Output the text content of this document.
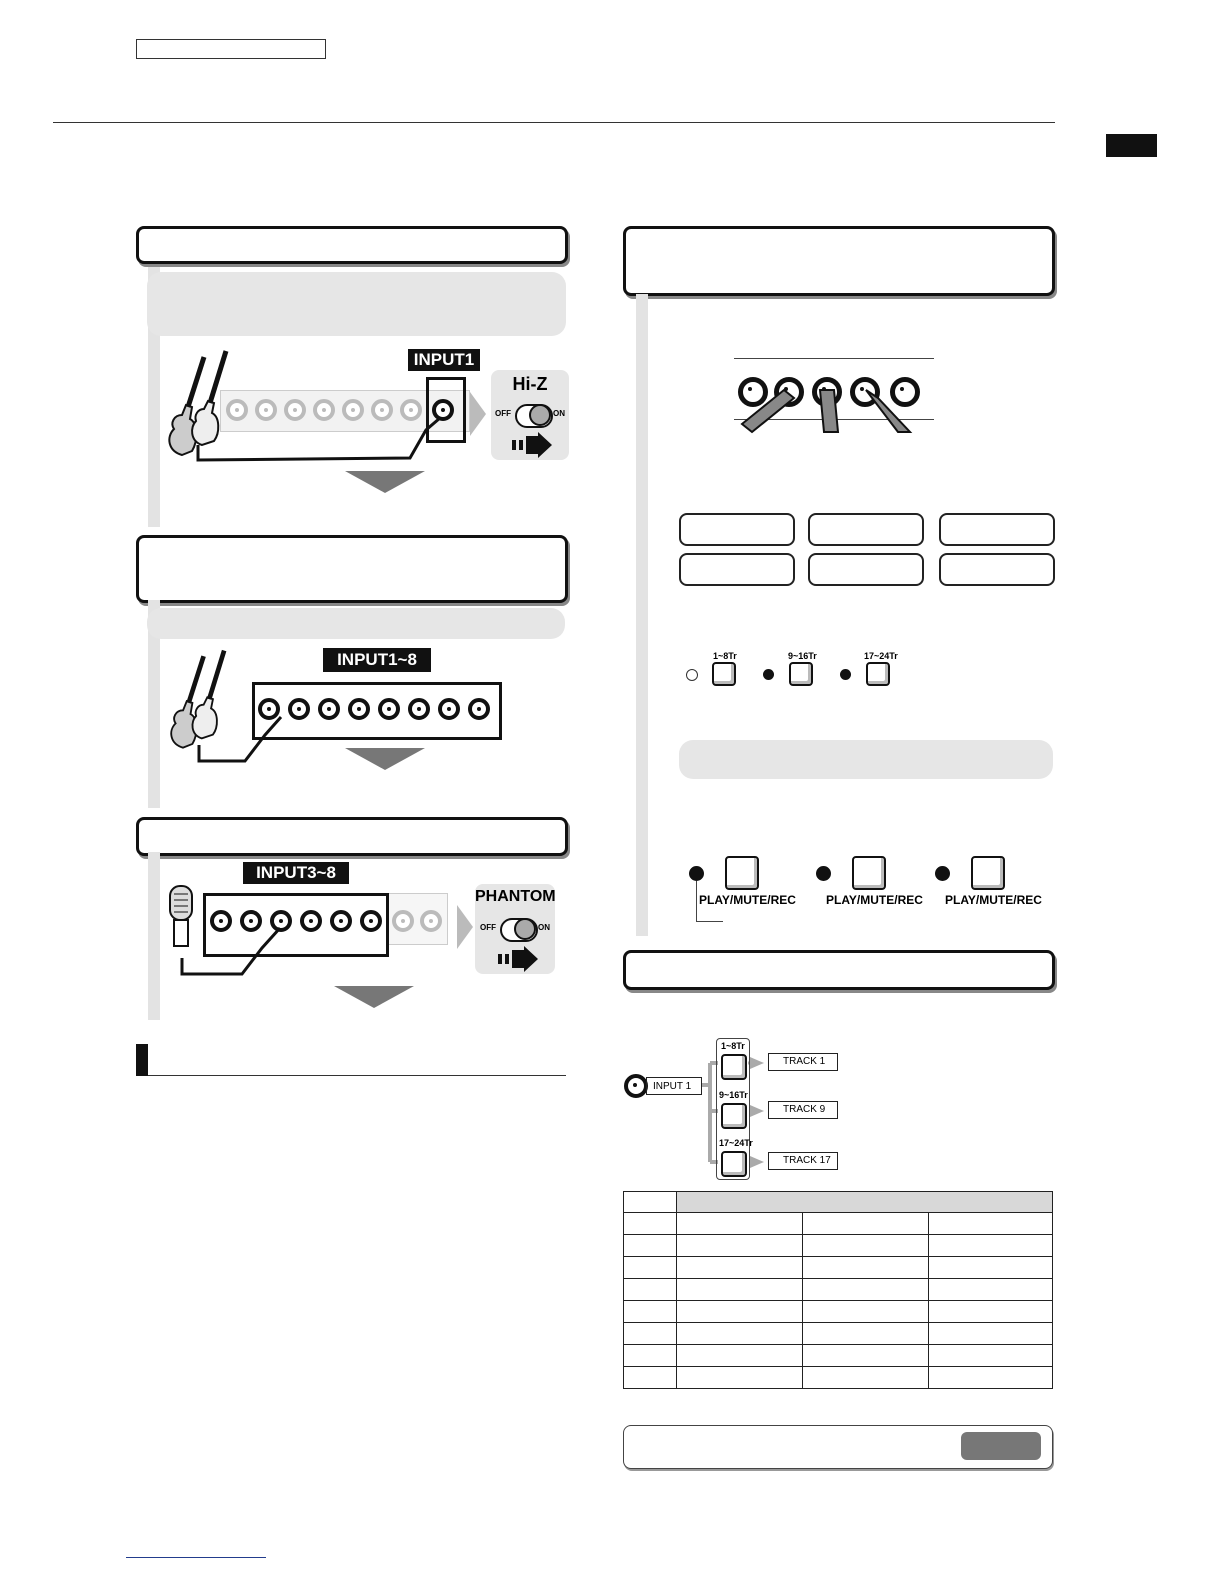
INPUT1
Hi-Z
OFF	ON
INPUT1~8
INPUT3~8
PHANTOM
OFF	ON
1~8Tr	9~16Tr	17~24Tr
PLAY/MUTE/REC	PLAY/MUTE/REC PLAY/MUTE/REC
INPUT 1
1~8Tr
9~16Tr
17~24Tr
TRACK 1
TRACK 9
TRACK 17
